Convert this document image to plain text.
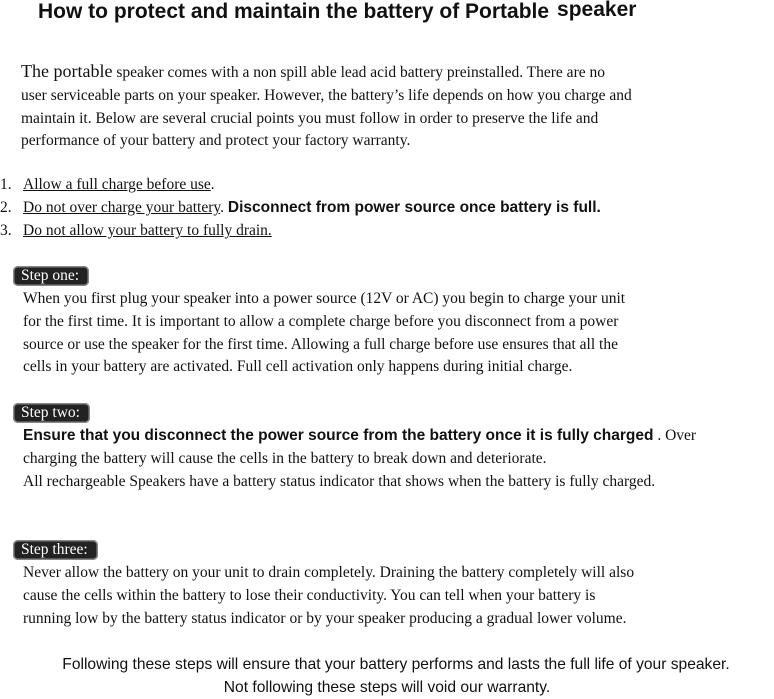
How to protect and maintain the battery of Portable speaker
The portable speaker comes with a non spill able lead acid battery preinstalled. There are no
user serviceable parts on your speaker. However, the battery’s life depends on how you charge and
maintain it. Below are several crucial points you must follow in order to preserve the life and
performance of your battery and protect your factory warranty.
1. Allow a full charge before use.
2. Do not over charge your battery. Disconnect from power source once battery is full.
3. Do not allow your battery to fully drain.
Step one:
When you first plug your speaker into a power source (12V or AC) you begin to charge your unit
for the first time. It is important to allow a complete charge before you disconnect from a power
source or use the speaker for the first time. Allowing a full charge before use ensures that all the
cells in your battery are activated. Full cell activation only happens during initial charge.
Step two:
Ensure that you disconnect the power source from the battery once it is fully charged . Over
charging the battery will cause the cells in the battery to break down and deteriorate.
All rechargeable Speakers have a battery status indicator that shows when the battery is fully charged.
Step three:
Never allow the battery on your unit to drain completely. Draining the battery completely will also
cause the cells within the battery to lose their conductivity. You can tell when your battery is
running low by the battery status indicator or by your speaker producing a gradual lower volume.
Following these steps will ensure that your battery performs and lasts the full life of your speaker.
Not following these steps will void our warranty.
